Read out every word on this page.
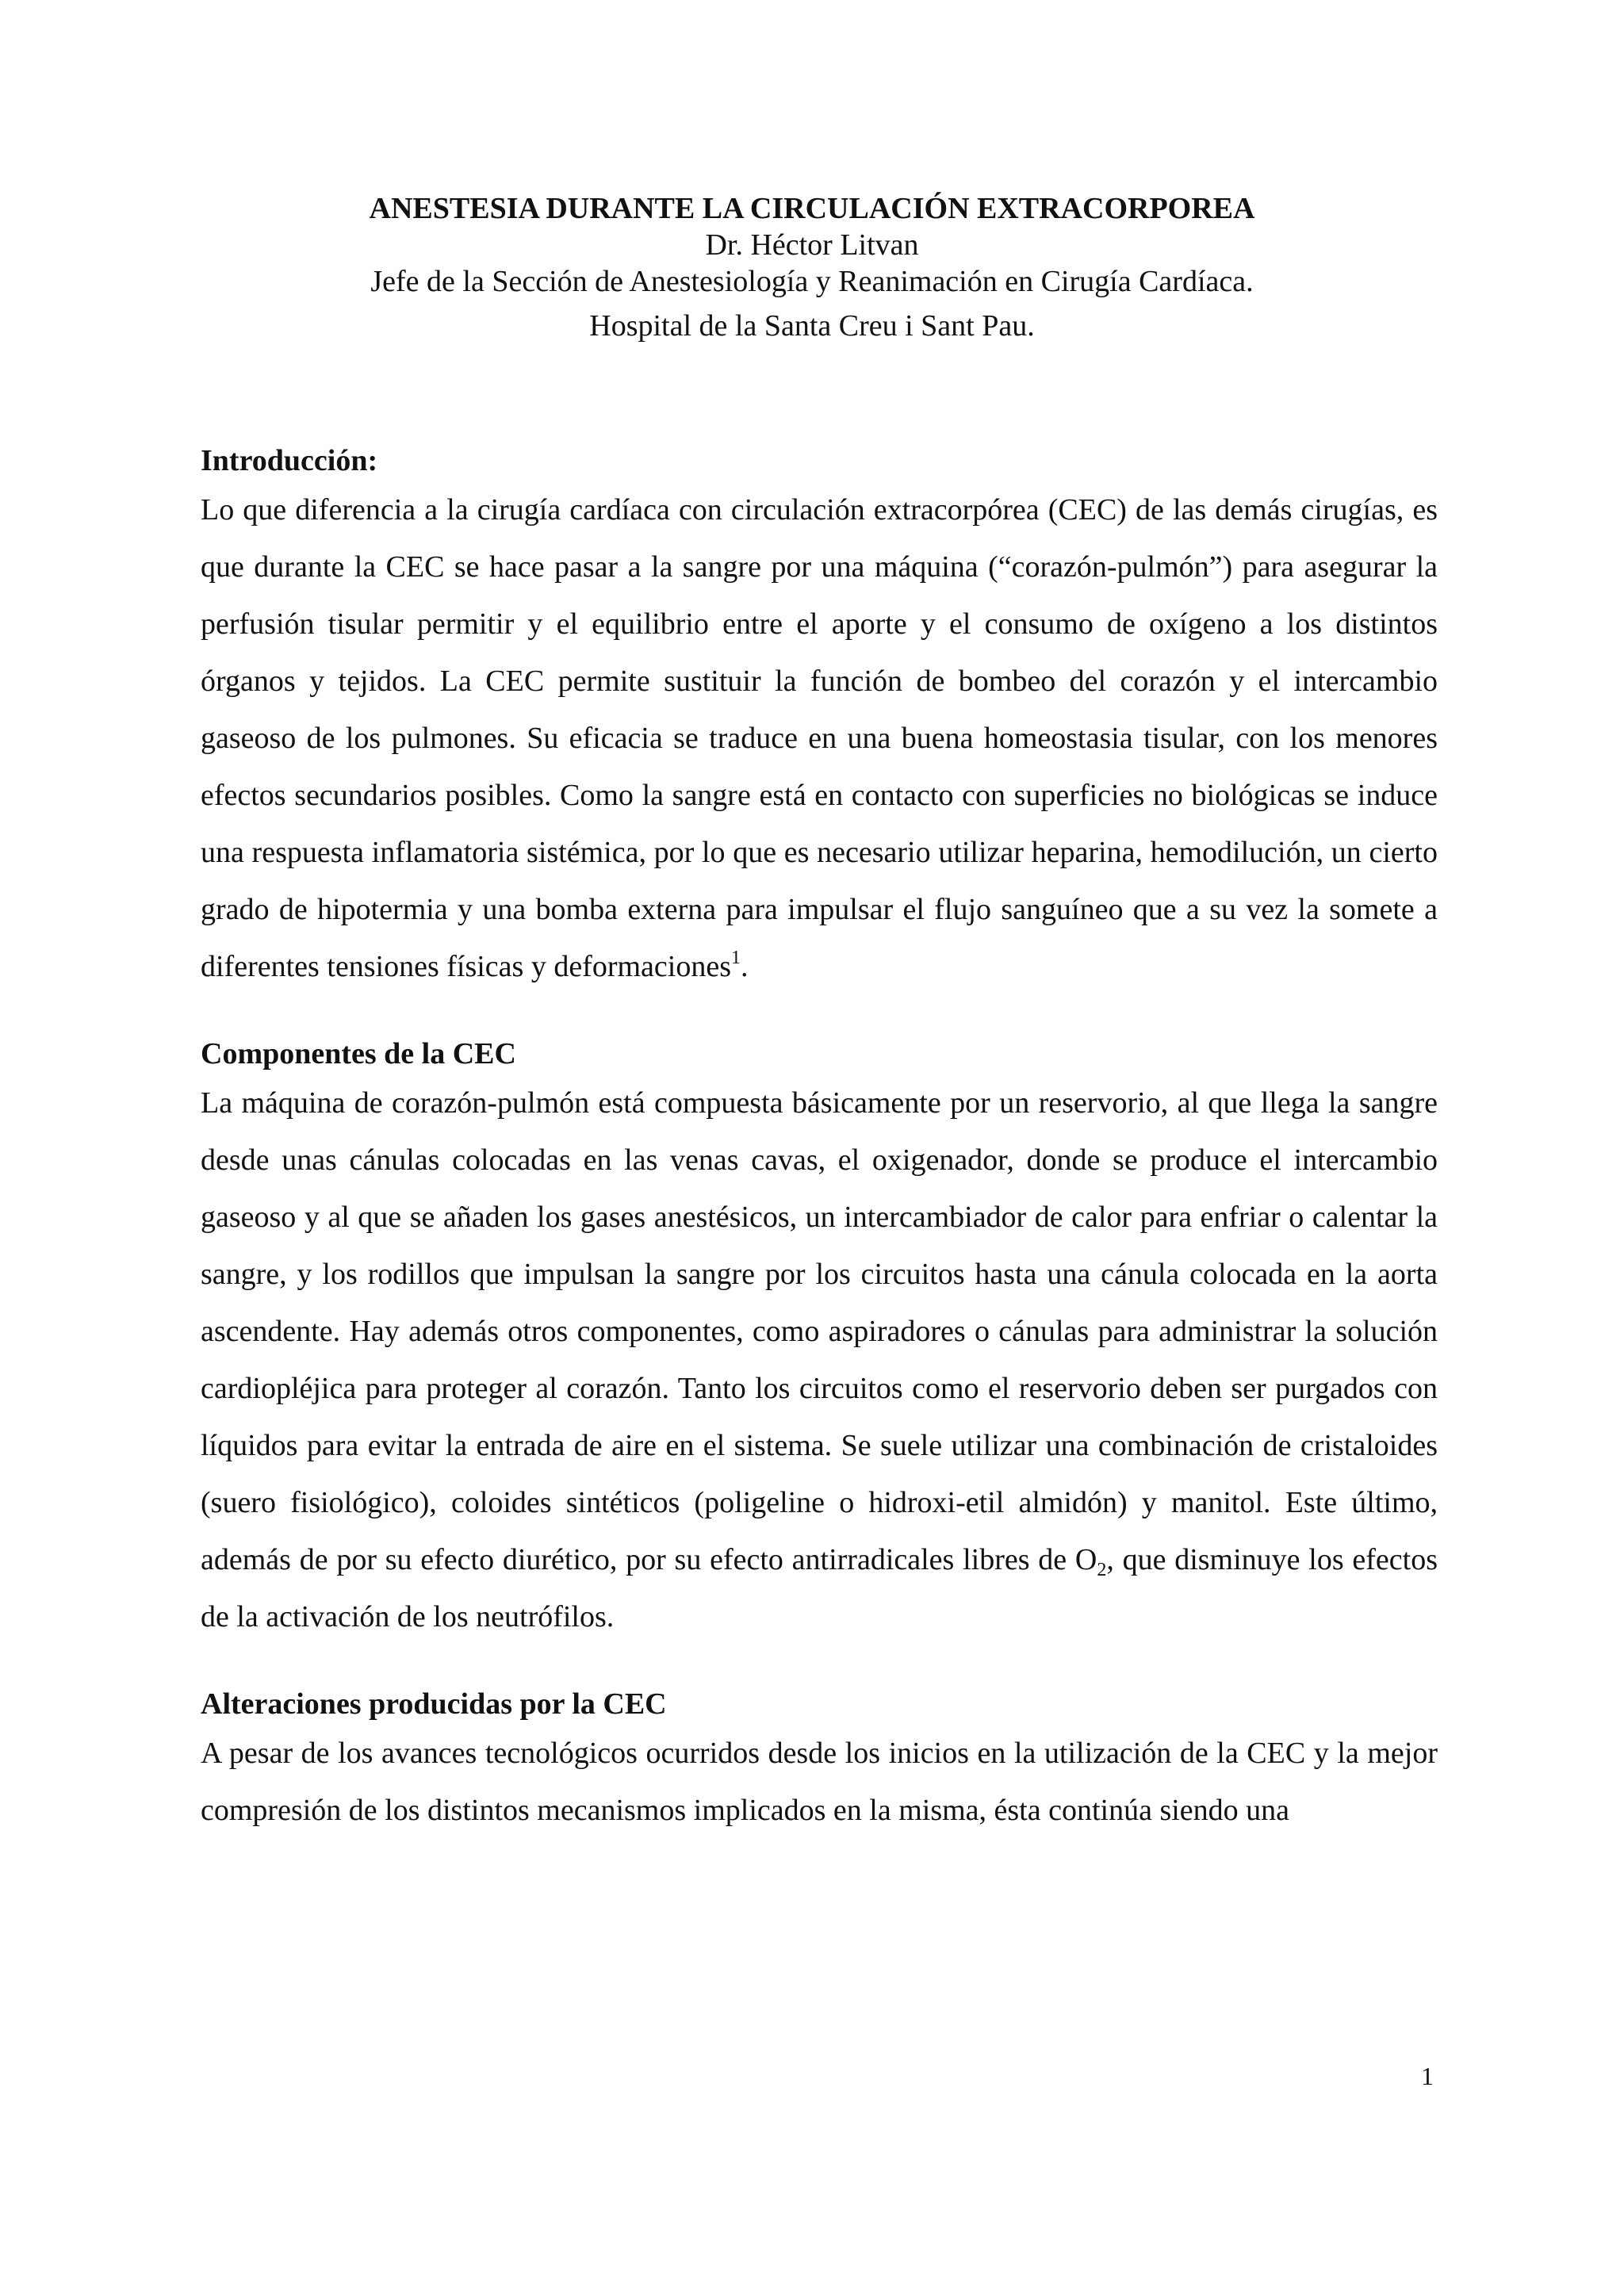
ANESTESIA DURANTE LA CIRCULACIÓN EXTRACORPOREA
Dr. Héctor Litvan
Jefe de la Sección de Anestesiología y Reanimación en Cirugía Cardíaca.
Hospital de la Santa Creu i Sant Pau.

Introducción:

Lo que diferencia a la cirugía cardíaca con circulación extracorpórea (CEC) de las demás cirugías, es que durante la CEC se hace pasar a la sangre por una máquina (“corazón-pulmón”) para asegurar la perfusión tisular permitir y el equilibrio entre el aporte y el consumo de oxígeno a los distintos órganos y tejidos. La CEC permite sustituir la función de bombeo del corazón y el intercambio gaseoso de los pulmones. Su eficacia se traduce en una buena homeostasia tisular, con los menores efectos secundarios posibles. Como la sangre está en contacto con superficies no biológicas se induce una respuesta inflamatoria sistémica, por lo que es necesario utilizar heparina, hemodilución, un cierto grado de hipotermia y una bomba externa para impulsar el flujo sanguíneo que a su vez la somete a diferentes tensiones físicas y deformaciones$^1$.

Componentes de la CEC

La máquina de corazón-pulmón está compuesta básicamente por un reservorio, al que llega la sangre desde unas cánulas colocadas en las venas cavas, el oxigenador, donde se produce el intercambio gaseoso y al que se añaden los gases anestésicos, un intercambiador de calor para enfriar o calentar la sangre, y los rodillos que impulsan la sangre por los circuitos hasta una cánula colocada en la aorta ascendente. Hay además otros componentes, como aspiradores o cánulas para administrar la solución cardiopléjica para proteger al corazón. Tanto los circuitos como el reservorio deben ser purgados con líquidos para evitar la entrada de aire en el sistema. Se suele utilizar una combinación de cristaloides (suero fisiológico), coloides sintéticos (poligeline o hidroxi-etil almidón) y manitol. Este último, además de por su efecto diurético, por su efecto antirradicales libres de $O_2$, que disminuye los efectos de la activación de los neutrófilos.

Alteraciones producidas por la CEC

A pesar de los avances tecnológicos ocurridos desde los inicios en la utilización de la CEC y la mejor compresión de los distintos mecanismos implicados en la misma, ésta continúa siendo una

1
